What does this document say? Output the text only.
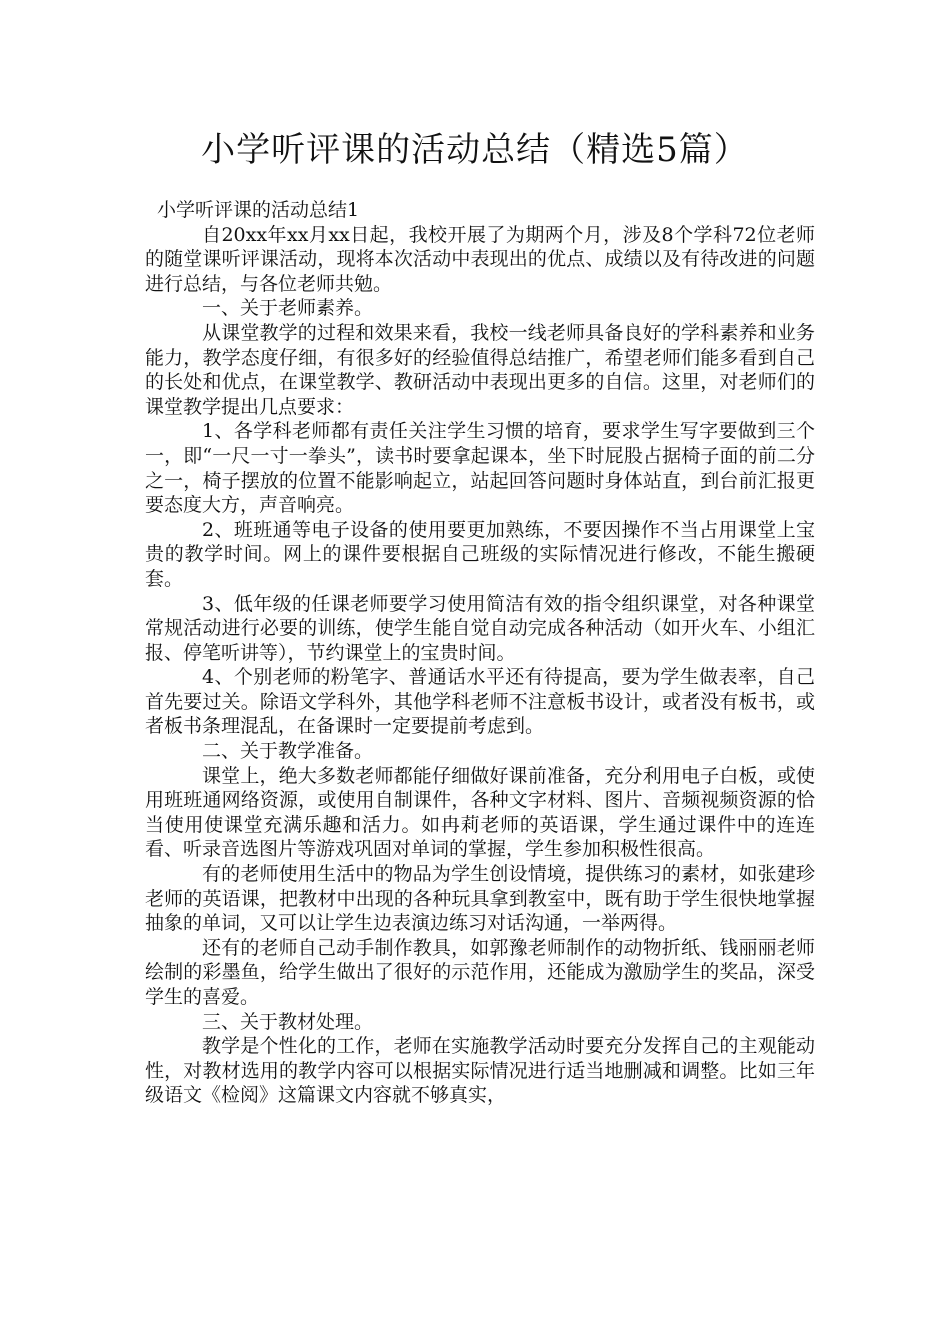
小学听评课的活动总结（精选5篇）

小学听评课的活动总结1

自20xx年xx月xx日起，我校开展了为期两个月，涉及8个学科72位老师的随堂课听评课活动，现将本次活动中表现出的优点、成绩以及有待改进的问题进行总结，与各位老师共勉。

一、关于老师素养。

从课堂教学的过程和效果来看，我校一线老师具备良好的学科素养和业务能力，教学态度仔细，有很多好的经验值得总结推广，希望老师们能多看到自己的长处和优点，在课堂教学、教研活动中表现出更多的自信。这里，对老师们的课堂教学提出几点要求：

1、各学科老师都有责任关注学生习惯的培育，要求学生写字要做到三个一，即“一尺一寸一拳头”，读书时要拿起课本，坐下时屁股占据椅子面的前二分之一，椅子摆放的位置不能影响起立，站起回答问题时身体站直，到台前汇报更要态度大方，声音响亮。

2、班班通等电子设备的使用要更加熟练，不要因操作不当占用课堂上宝贵的教学时间。网上的课件要根据自己班级的实际情况进行修改，不能生搬硬套。

3、低年级的任课老师要学习使用简洁有效的指令组织课堂，对各种课堂常规活动进行必要的训练，使学生能自觉自动完成各种活动（如开火车、小组汇报、停笔听讲等），节约课堂上的宝贵时间。

4、个别老师的粉笔字、普通话水平还有待提高，要为学生做表率，自己首先要过关。除语文学科外，其他学科老师不注意板书设计，或者没有板书，或者板书条理混乱，在备课时一定要提前考虑到。

二、关于教学准备。

课堂上，绝大多数老师都能仔细做好课前准备，充分利用电子白板，或使用班班通网络资源，或使用自制课件，各种文字材料、图片、音频视频资源的恰当使用使课堂充满乐趣和活力。如冉莉老师的英语课，学生通过课件中的连连看、听录音选图片等游戏巩固对单词的掌握，学生参加积极性很高。

有的老师使用生活中的物品为学生创设情境，提供练习的素材，如张建珍老师的英语课，把教材中出现的各种玩具拿到教室中，既有助于学生很快地掌握抽象的单词，又可以让学生边表演边练习对话沟通，一举两得。

还有的老师自己动手制作教具，如郭豫老师制作的动物折纸、钱丽丽老师绘制的彩墨鱼，给学生做出了很好的示范作用，还能成为激励学生的奖品，深受学生的喜爱。

三、关于教材处理。

教学是个性化的工作，老师在实施教学活动时要充分发挥自己的主观能动性，对教材选用的教学内容可以根据实际情况进行适当地删减和调整。比如三年级语文《检阅》这篇课文内容就不够真实，
